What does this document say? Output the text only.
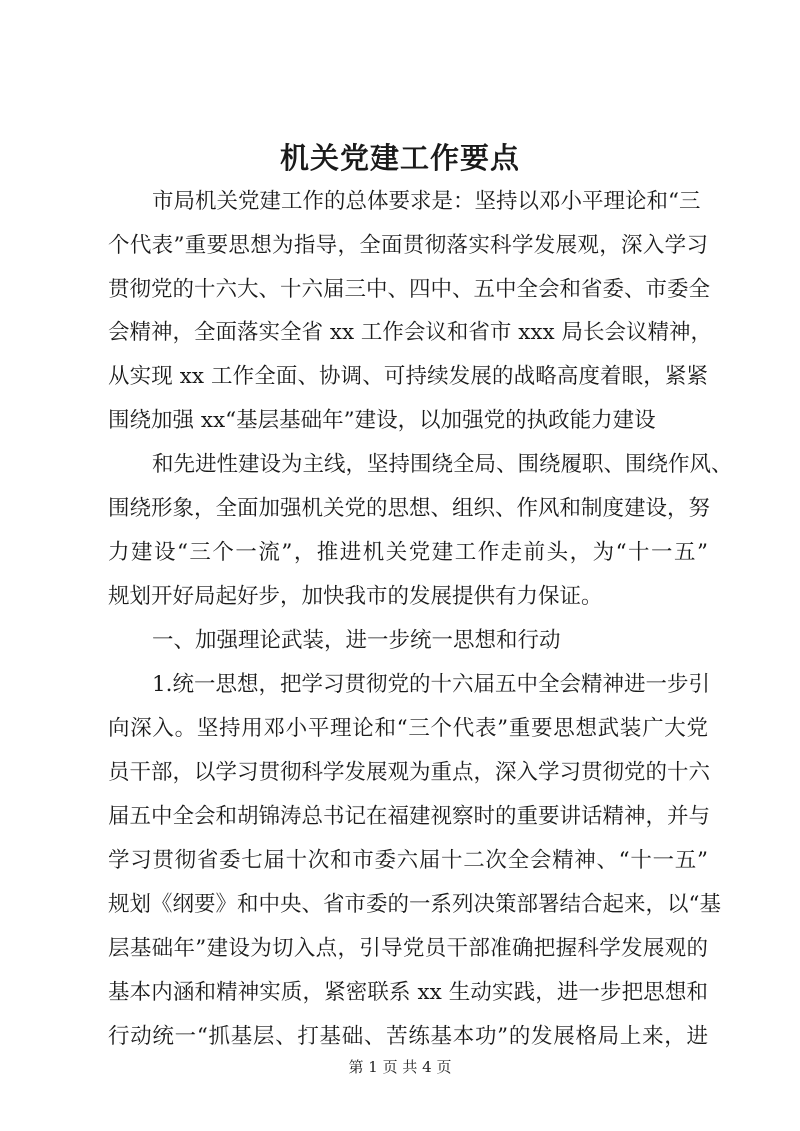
机关党建工作要点

市局机关党建工作的总体要求是：坚持以邓小平理论和“三

个代表”重要思想为指导，全面贯彻落实科学发展观，深入学习

贯彻党的十六大、十六届三中、四中、五中全会和省委、市委全

会精神，全面落实全省 xx 工作会议和省市 xxx 局长会议精神，

从实现 xx 工作全面、协调、可持续发展的战略高度着眼，紧紧

围绕加强 xx“基层基础年”建设，以加强党的执政能力建设

和先进性建设为主线，坚持围绕全局、围绕履职、围绕作风、

围绕形象，全面加强机关党的思想、组织、作风和制度建设，努

力建设“三个一流”，推进机关党建工作走前头，为“十一五”

规划开好局起好步，加快我市的发展提供有力保证。

一、加强理论武装，进一步统一思想和行动

1.统一思想，把学习贯彻党的十六届五中全会精神进一步引

向深入。坚持用邓小平理论和“三个代表”重要思想武装广大党

员干部，以学习贯彻科学发展观为重点，深入学习贯彻党的十六

届五中全会和胡锦涛总书记在福建视察时的重要讲话精神，并与

学习贯彻省委七届十次和市委六届十二次全会精神、“十一五”

规划《纲要》和中央、省市委的一系列决策部署结合起来，以“基

层基础年”建设为切入点，引导党员干部准确把握科学发展观的

基本内涵和精神实质，紧密联系 xx 生动实践，进一步把思想和

行动统一“抓基层、打基础、苦练基本功”的发展格局上来，进

第 1 页 共 4 页
